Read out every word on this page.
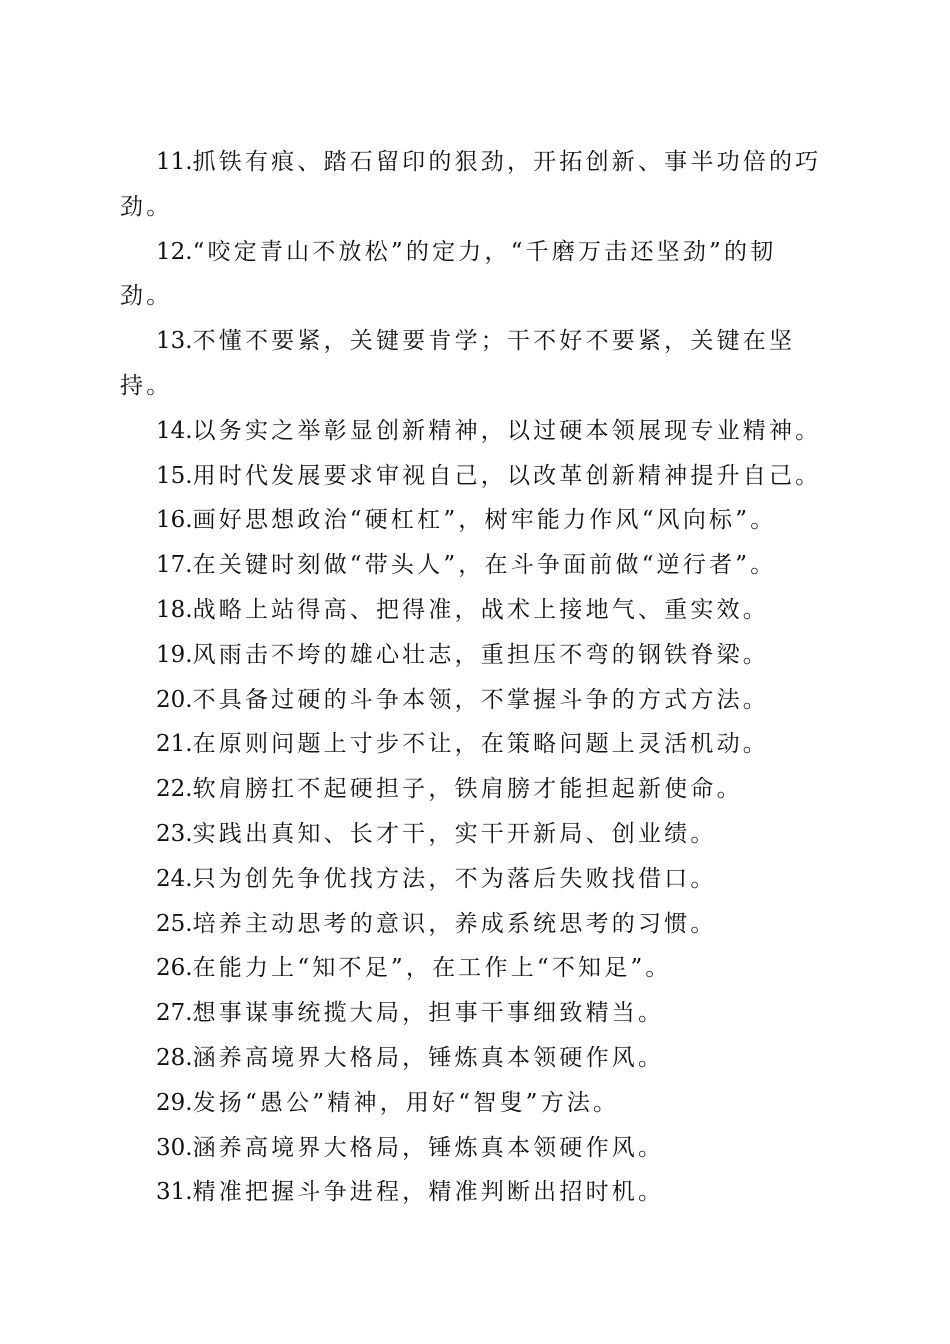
11.抓铁有痕、踏石留印的狠劲，开拓创新、事半功倍的巧劲。

12.“咬定青山不放松”的定力，“千磨万击还坚劲”的韧劲。

13.不懂不要紧，关键要肯学；干不好不要紧，关键在坚持。

14.以务实之举彰显创新精神，以过硬本领展现专业精神。

15.用时代发展要求审视自己，以改革创新精神提升自己。

16.画好思想政治“硬杠杠”，树牢能力作风“风向标”。

17.在关键时刻做“带头人”，在斗争面前做“逆行者”。

18.战略上站得高、把得准，战术上接地气、重实效。

19.风雨击不垮的雄心壮志，重担压不弯的钢铁脊梁。

20.不具备过硬的斗争本领，不掌握斗争的方式方法。

21.在原则问题上寸步不让，在策略问题上灵活机动。

22.软肩膀扛不起硬担子，铁肩膀才能担起新使命。

23.实践出真知、长才干，实干开新局、创业绩。

24.只为创先争优找方法，不为落后失败找借口。

25.培养主动思考的意识，养成系统思考的习惯。

26.在能力上“知不足”，在工作上“不知足”。

27.想事谋事统揽大局，担事干事细致精当。

28.涵养高境界大格局，锤炼真本领硬作风。

29.发扬“愚公”精神，用好“智叟”方法。

30.涵养高境界大格局，锤炼真本领硬作风。

31.精准把握斗争进程，精准判断出招时机。
